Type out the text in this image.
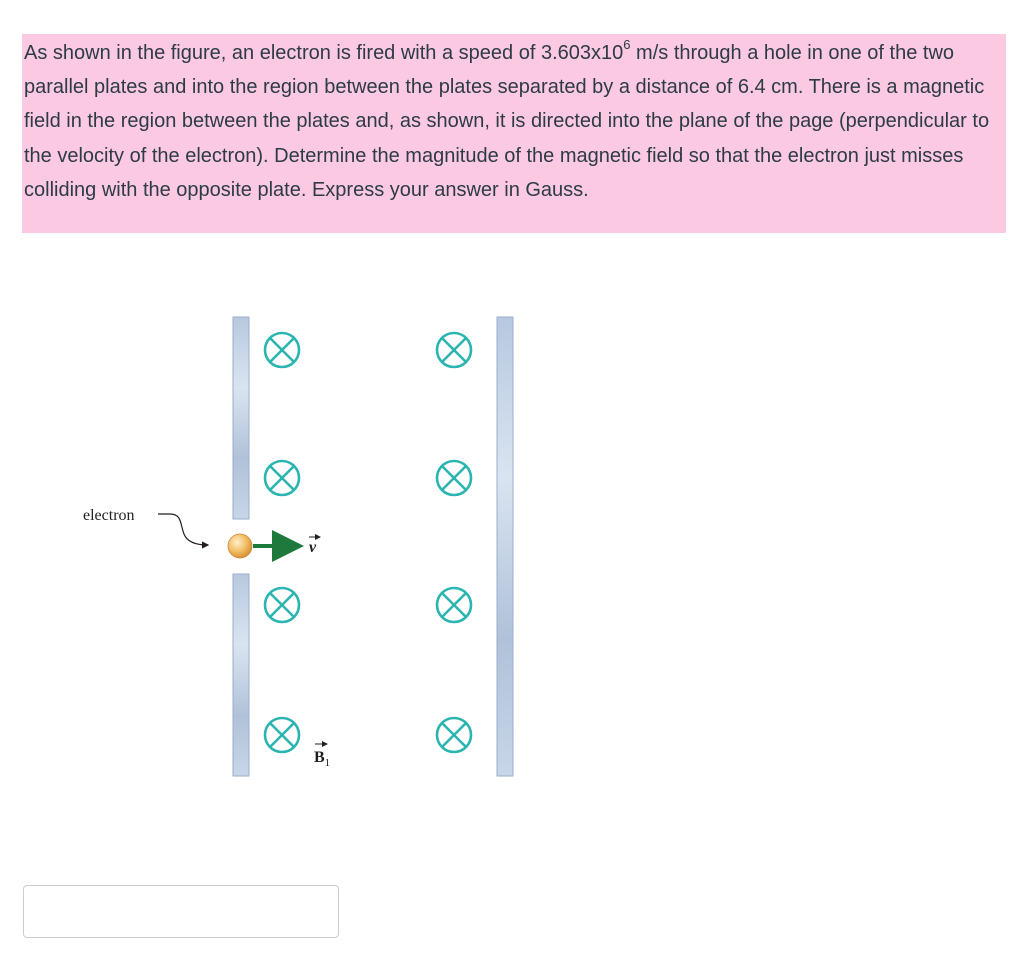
As shown in the figure, an electron is fired with a speed of $3.603x10^6$ m/s through a hole in one of the two parallel plates and into the region between the plates separated by a distance of 6.4 cm. There is a magnetic field in the region between the plates and, as shown, it is directed into the plane of the page (perpendicular to the velocity of the electron). Determine the magnitude of the magnetic field so that the electron just misses colliding with the opposite plate. Express your answer in Gauss.
electron
v
$B_1$
